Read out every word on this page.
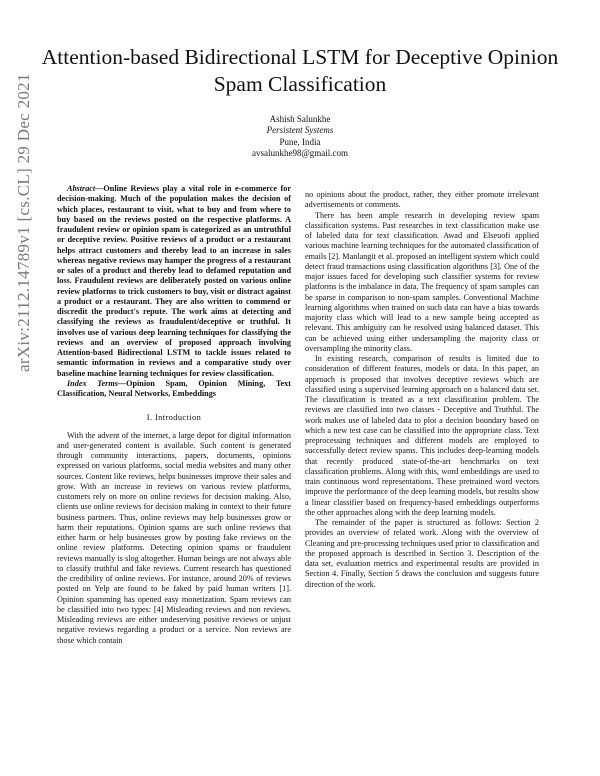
arXiv:2112.14789v1 [cs.CL] 29 Dec 2021
Attention-based Bidirectional LSTM for Deceptive Opinion Spam Classification
Ashish Salunkhe
Persistent Systems
Pune, India
avsalunkhe98@gmail.com

Abstract—Online Reviews play a vital role in e-commerce for decision-making. Much of the population makes the decision of which places, restaurant to visit, what to buy and from where to buy based on the reviews posted on the respective platforms. A fraudulent review or opinion spam is categorized as an untruthful or deceptive review. Positive reviews of a product or a restaurant helps attract customers and thereby lead to an increase in sales whereas negative reviews may hamper the progress of a restaurant or sales of a product and thereby lead to defamed reputation and loss. Fraudulent reviews are deliberately posted on various online review platforms to trick customers to buy, visit or distract against a product or a restaurant. They are also written to commend or discredit the product's repute. The work aims at detecting and classifying the reviews as fraudulent/deceptive or truthful. It involves use of various deep learning techniques for classifying the reviews and an overview of proposed approach involving Attention-based Bidirectional LSTM to tackle issues related to semantic information in reviews and a comparative study over baseline machine learning techniques for review classification.

Index Terms—Opinion Spam, Opinion Mining, Text Classification, Neural Networks, Embeddings

I. Introduction

With the advent of the internet, a large depot for digital information and user-generated content is available. Such content is generated through community interactions, papers, documents, opinions expressed on various platforms, social media websites and many other sources. Content like reviews, helps businesses improve their sales and grow. With an increase in reviews on various review platforms, customers rely on more on online reviews for decision making. Also, clients use online reviews for decision making in context to their future business partners. Thus, online reviews may help businesses grow or harm their reputations. Opinion spams are such online reviews that either harm or help businesses grow by posting fake reviews on the online review platforms. Detecting opinion spams or fraudulent reviews manually is slog altogether. Human beings are not always able to classify truthful and fake reviews. Current research has questioned the credibility of online reviews. For instance, around 20% of reviews posted on Yelp are found to be faked by paid human writers [1]. Opinion spamming has opened easy monetization. Spam reviews can be classified into two types: [4] Misleading reviews and non reviews. Misleading reviews are either undeserving positive reviews or unjust negative reviews regarding a product or a service. Non reviews are those which contain

no opinions about the product, rather, they either promote irrelevant advertisements or comments.

There has been ample research in developing review spam classification systems. Past researches in text classification make use of labeled data for text classification. Awad and Elseuofi applied various machine learning techniques for the automated classification of emails [2]. Manlangit et al. proposed an intelligent system which could detect fraud transactions using classification algorithms [3]. One of the major issues faced for developing such classifier systems for review platforms is the imbalance in data. The frequency of spam samples can be sparse in comparison to non-spam samples. Conventional Machine learning algorithms when trained on such data can have a bias towards majority class which will lead to a new sample being accepted as relevant. This ambiguity can be resolved using balanced dataset. This can be achieved using either undersampling the majority class or oversampling the minority class.

In existing research, comparison of results is limited due to consideration of different features, models or data. In this paper, an approach is proposed that involves deceptive reviews which are classified using a supervised learning approach on a balanced data set. The classification is treated as a text classification problem. The reviews are classified into two classes - Deceptive and Truthful. The work makes use of labeled data to plot a decision boundary based on which a new test case can be classified into the appropriate class. Text preprocessing techniques and different models are employed to successfully detect review spams. This includes deep-learning models that recently produced state-of-the-art benchmarks on text classification problems. Along with this, word embeddings are used to train continuous word representations. These pretrained word vectors improve the performance of the deep learning models, but results show a linear classifier based on frequency-based embeddings outperforms the other approaches along with the deep learning models.

The remainder of the paper is structured as follows: Section 2 provides an overview of related work. Along with the overview of Cleaning and pre-processing techniques used prior to classification and the proposed approach is described in Section 3. Description of the data set, evaluation metrics and experimental results are provided in Section 4. Finally, Section 5 draws the conclusion and suggests future direction of the work.
